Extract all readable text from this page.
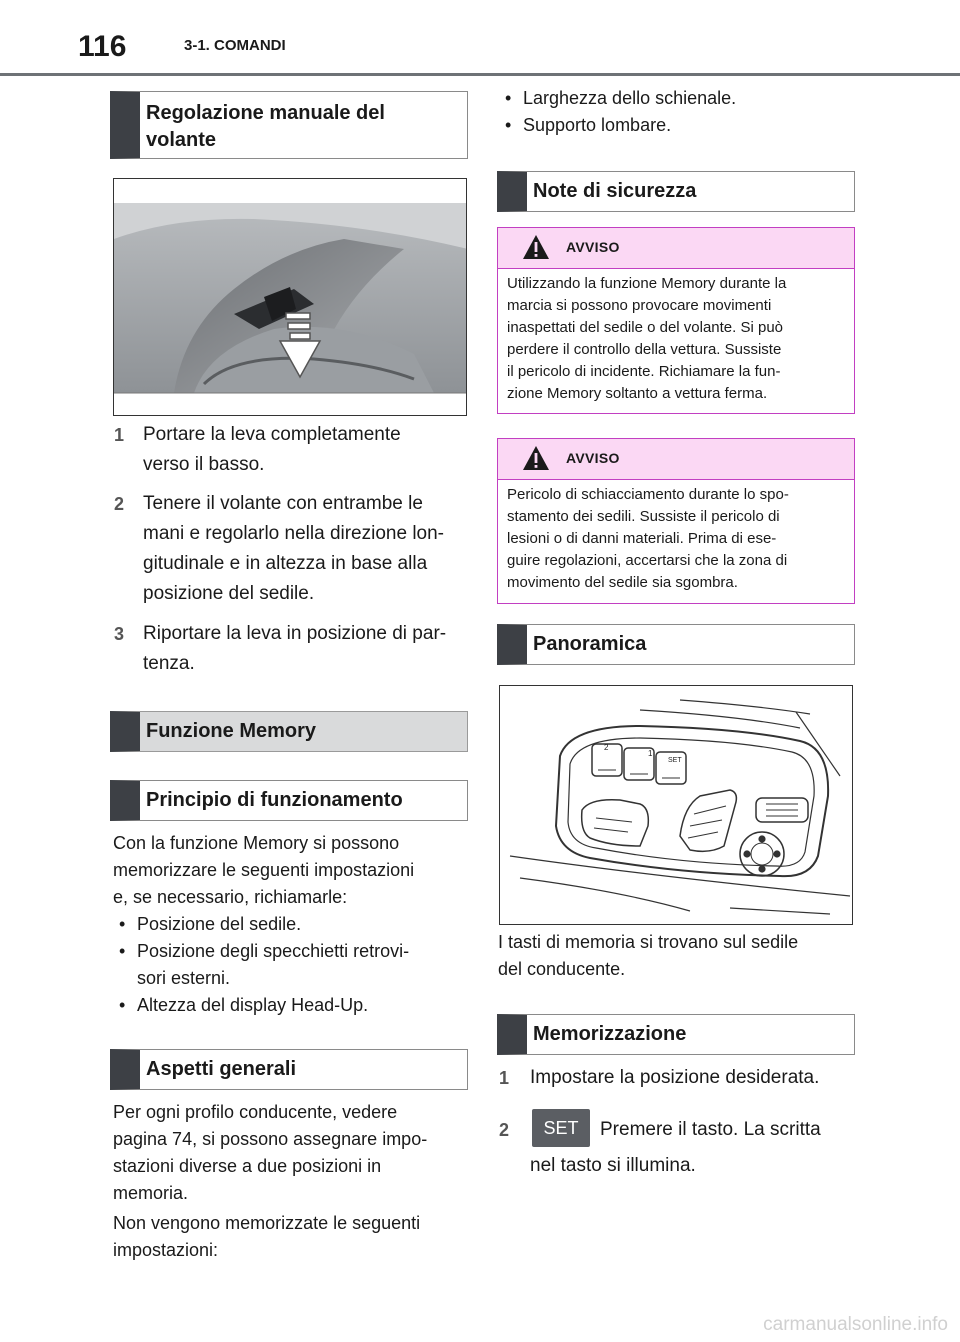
116	3-1. COMANDI
Regolazione manuale del volante
1 Portare la leva completamente
verso il basso.
2 Tenere il volante con entrambe le
mani e regolarlo nella direzione lon-
gitudinale e in altezza in base alla
posizione del sedile.
3 Riportare la leva in posizione di par-
tenza.
Funzione Memory
Principio di funzionamento
Con la funzione Memory si possono
memorizzare le seguenti impostazioni
e, se necessario, richiamarle:
• Posizione del sedile.
• Posizione degli specchietti retrovi-
sori esterni.
• Altezza del display Head-Up.
Aspetti generali
Per ogni profilo conducente, vedere
pagina 74, si possono assegnare impo-
stazioni diverse a due posizioni in
memoria.
Non vengono memorizzate le seguenti
impostazioni:
• Larghezza dello schienale.
• Supporto lombare.
Note di sicurezza
AVVISO
Utilizzando la funzione Memory durante la
marcia si possono provocare movimenti
inaspettati del sedile o del volante. Si può
perdere il controllo della vettura. Sussiste
il pericolo di incidente. Richiamare la fun-
zione Memory soltanto a vettura ferma.
AVVISO
Pericolo di schiacciamento durante lo spo-
stamento dei sedili. Sussiste il pericolo di
lesioni o di danni materiali. Prima di ese-
guire regolazioni, accertarsi che la zona di
movimento del sedile sia sgombra.
Panoramica
2
1
SET
I tasti di memoria si trovano sul sedile
del conducente.
Memorizzazione
1 Impostare la posizione desiderata.
2	SET	Premere il tasto. La scritta
nel tasto si illumina.
carmanualsonline.info
